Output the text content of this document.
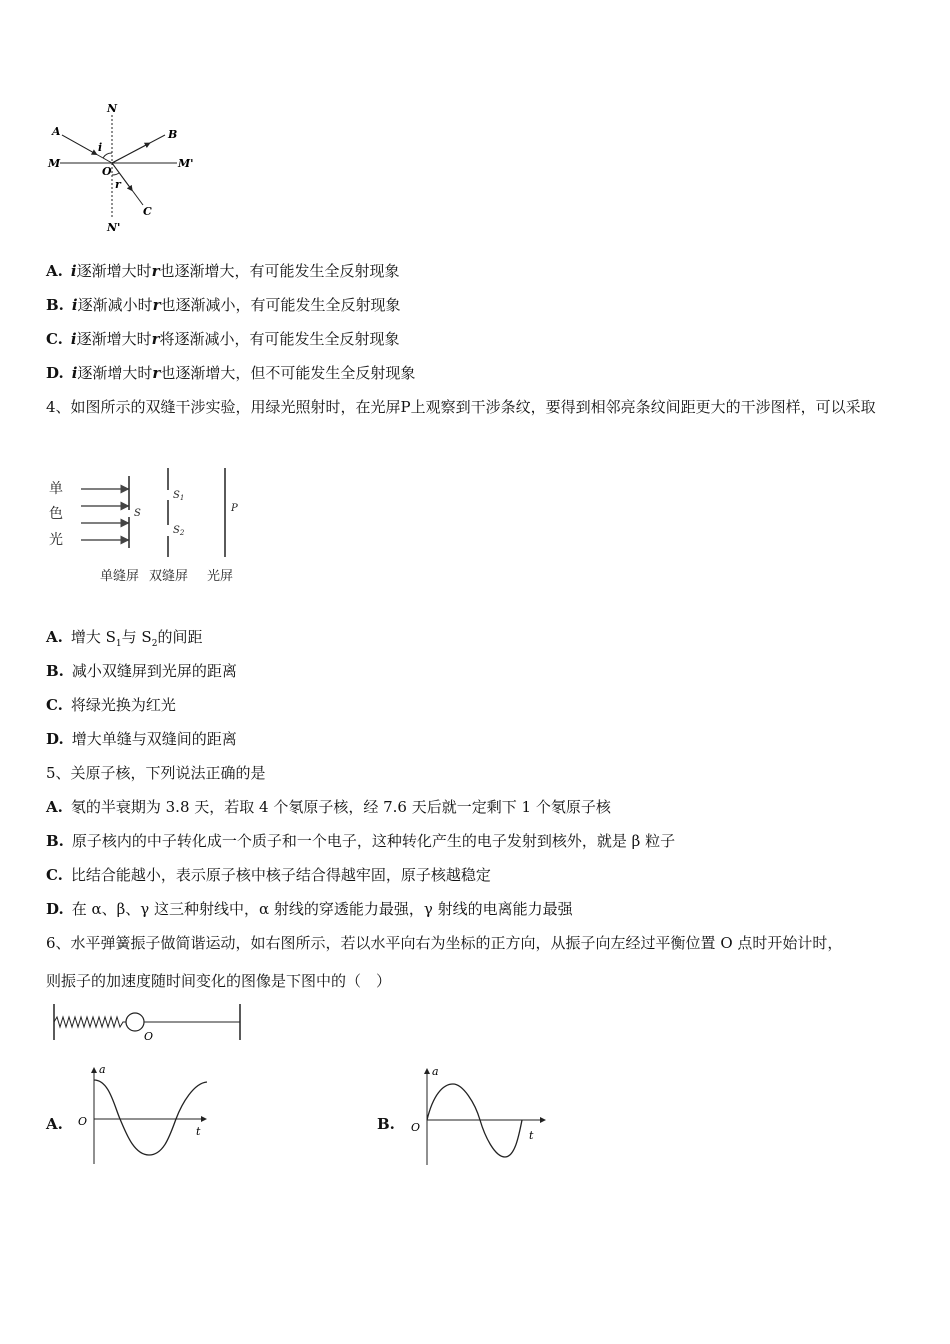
N
N'
M	M'
A	B
C
O
i
r
A. i逐渐增大时r也逐渐增大，有可能发生全反射现象
B. i逐渐减小时r也逐渐减小，有可能发生全反射现象
C. i逐渐增大时r将逐渐减小，有可能发生全反射现象
D. i逐渐增大时r也逐渐增大，但不可能发生全反射现象
4、如图所示的双缝干涉实验，用绿光照射时，在光屏P上观察到干涉条纹，要得到相邻亮条纹间距更大的干涉图样，可以采取
单
色
光
S
$S_1$
$S_2$
P
单缝屏 双缝屏 光屏
A. 增大 $S_1$与 $S_2$的间距
B. 减小双缝屏到光屏的距离
C. 将绿光换为红光
D. 增大单缝与双缝间的距离
5、关原子核，下列说法正确的是
A. 氡的半衰期为 3.8 天，若取 4 个氡原子核，经 7.6 天后就一定剩下 1 个氡原子核
B. 原子核内的中子转化成一个质子和一个电子，这种转化产生的电子发射到核外，就是 β 粒子
C. 比结合能越小，表示原子核中核子结合得越牢固，原子核越稳定
D. 在 α、β、γ 这三种射线中，α 射线的穿透能力最强，γ 射线的电离能力最强
6、水平弹簧振子做简谐运动，如右图所示，若以水平向右为坐标的正方向，从振子向左经过平衡位置 O 点时开始计时，
则振子的加速度随时间变化的图像是下图中的（　）
O
A.
a
t
O	B.
a
t
O
